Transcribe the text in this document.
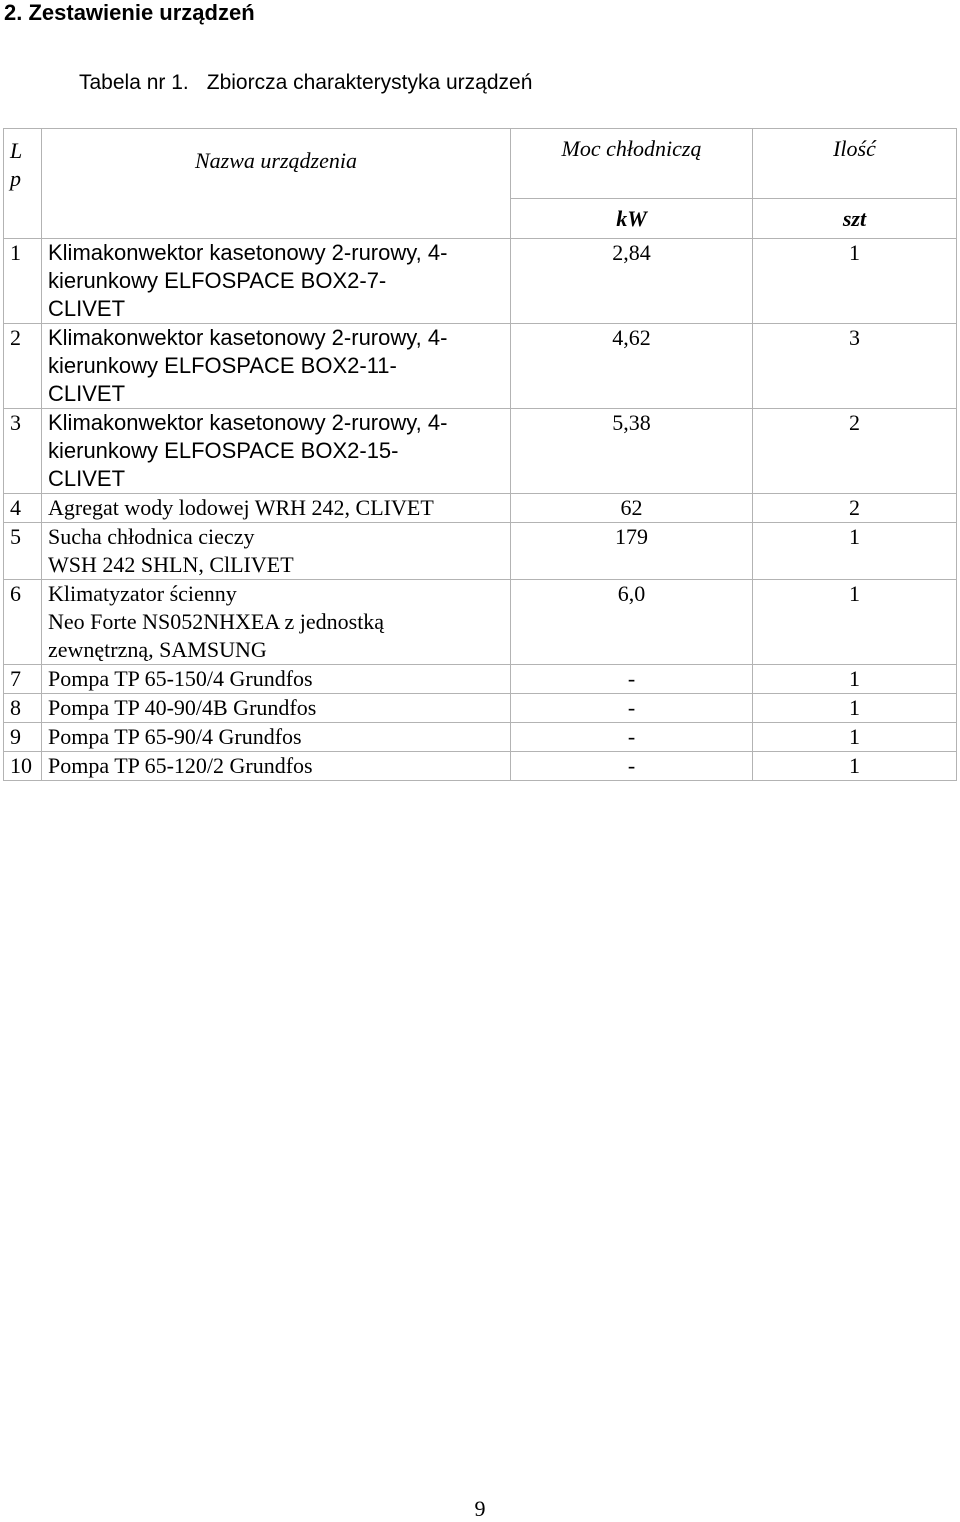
2. Zestawienie urządzeń
Tabela nr 1. Zbiorcza charakterystyka urządzeń
L
p	Nazwa urządzenia	Moc chłodniczą	Ilość
		kW	szt
1	Klimakonwektor kasetonowy 2-rurowy, 4-
kierunkowy ELFOSPACE BOX2-7-
CLIVET	2,84	1
2	Klimakonwektor kasetonowy 2-rurowy, 4-
kierunkowy ELFOSPACE BOX2-11-
CLIVET	4,62	3
3	Klimakonwektor kasetonowy 2-rurowy, 4-
kierunkowy ELFOSPACE BOX2-15-
CLIVET	5,38	2
4	Agregat wody lodowej WRH 242, CLIVET	62	2
5	Sucha chłodnica cieczy
WSH 242 SHLN, ClLIVET	179	1
6	Klimatyzator ścienny
Neo Forte NS052NHXEA z jednostką
zewnętrzną, SAMSUNG	6,0	1
7	Pompa TP 65-150/4 Grundfos	-	1
8	Pompa TP 40-90/4B Grundfos	-	1
9	Pompa TP 65-90/4 Grundfos	-	1
10	Pompa TP 65-120/2 Grundfos	-	1
9
